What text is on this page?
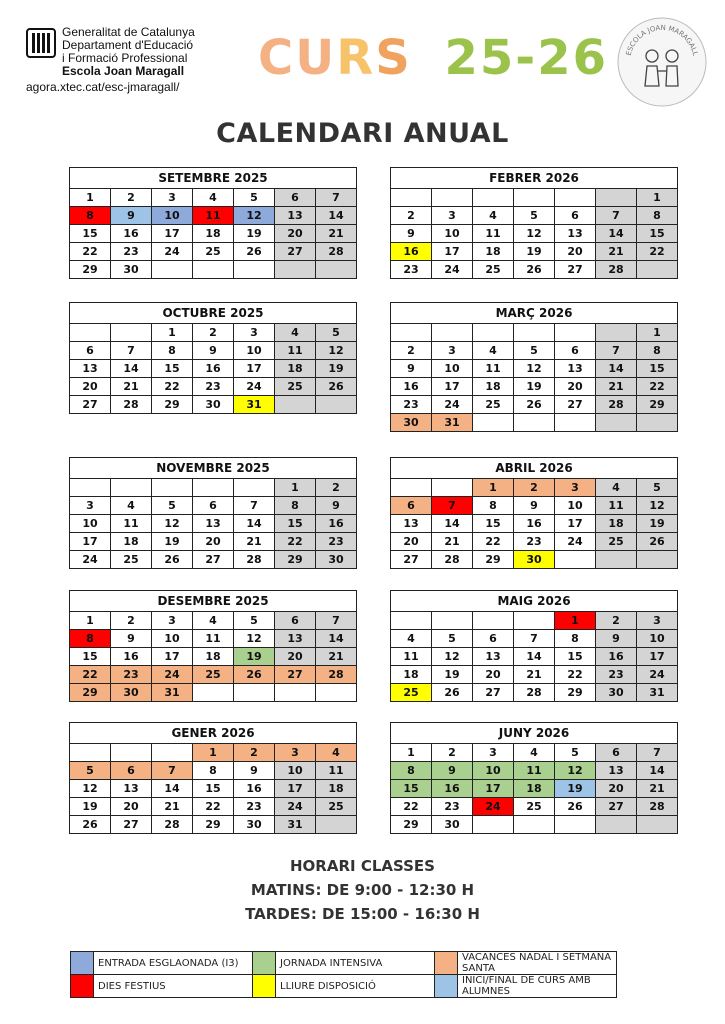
Generalitat de Catalunya
Departament d'Educació
i Formació Professional
Escola Joan Maragall
agora.xtec.cat/esc-jmaragall/
CURS 25-26 ESCOLA JOAN MARAGALL
CALENDARI ANUAL
SETEMBRE 2025						
1	2	3	4	5	6	7
8	9	10	11	12	13	14
15	16	17	18	19	20	21
22	23	24	25	26	27	28
29	30					
FEBRER 2026						
						1
2	3	4	5	6	7	8
9	10	11	12	13	14	15
16	17	18	19	20	21	22
23	24	25	26	27	28	
OCTUBRE 2025						
		1	2	3	4	5
6	7	8	9	10	11	12
13	14	15	16	17	18	19
20	21	22	23	24	25	26
27	28	29	30	31		
MARÇ 2026						
						1
2	3	4	5	6	7	8
9	10	11	12	13	14	15
16	17	18	19	20	21	22
23	24	25	26	27	28	29
30	31					
NOVEMBRE 2025						
					1	2
3	4	5	6	7	8	9
10	11	12	13	14	15	16
17	18	19	20	21	22	23
24	25	26	27	28	29	30
ABRIL 2026						
		1	2	3	4	5
6	7	8	9	10	11	12
13	14	15	16	17	18	19
20	21	22	23	24	25	26
27	28	29	30			
DESEMBRE 2025						
1	2	3	4	5	6	7
8	9	10	11	12	13	14
15	16	17	18	19	20	21
22	23	24	25	26	27	28
29	30	31				
MAIG 2026						
				1	2	3
4	5	6	7	8	9	10
11	12	13	14	15	16	17
18	19	20	21	22	23	24
25	26	27	28	29	30	31
GENER 2026						
			1	2	3	4
5	6	7	8	9	10	11
12	13	14	15	16	17	18
19	20	21	22	23	24	25
26	27	28	29	30	31	
JUNY 2026						
1	2	3	4	5	6	7
8	9	10	11	12	13	14
15	16	17	18	19	20	21
22	23	24	25	26	27	28
29	30					
HORARI CLASSES
MATINS: DE 9:00 - 12:30 H
TARDES: DE 15:00 - 16:30 H
	ENTRADA ESGLAONADA (I3)		JORNADA INTENSIVA		VACANCES NADAL I SETMANA SANTA
	DIES FESTIUS		LLIURE DISPOSICIÓ		INICI/FINAL DE CURS AMB ALUMNES
